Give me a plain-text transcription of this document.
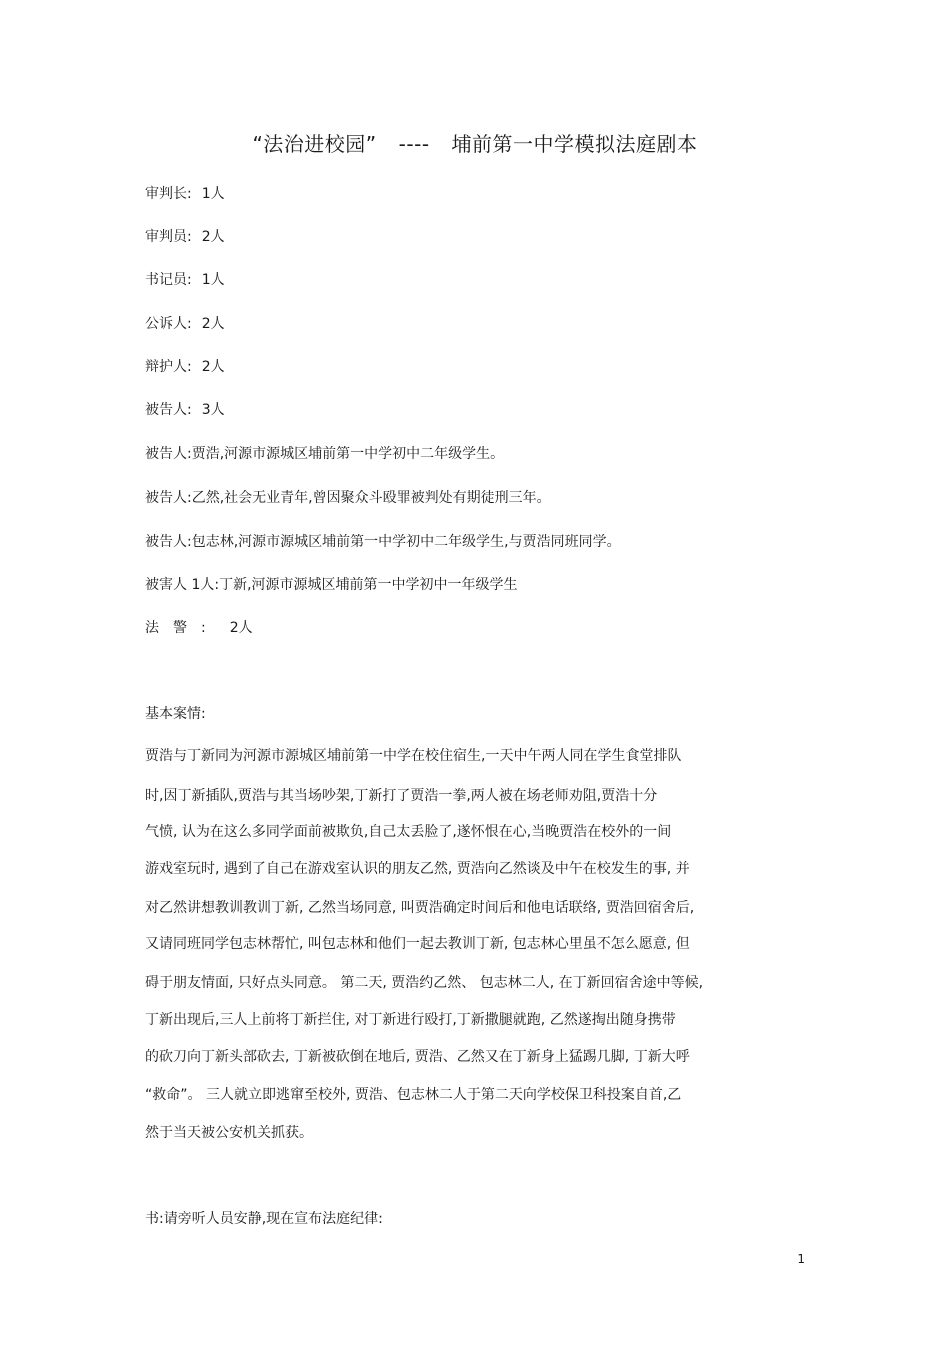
“法治进校园” ---- 埔前第一中学模拟法庭剧本
审判长: 1人
审判员: 2人
书记员: 1人
公诉人: 2人
辩护人: 2人
被告人: 3人
被告人:贾浩,河源市源城区埔前第一中学初中二年级学生。
被告人:乙然,社会无业青年,曾因聚众斗殴罪被判处有期徒刑三年。
被告人:包志林,河源市源城区埔前第一中学初中二年级学生,与贾浩同班同学。
被害人 1人:丁新,河源市源城区埔前第一中学初中一年级学生
法警: 2人
基本案情:
贾浩与丁新同为河源市源城区埔前第一中学在校住宿生,一天中午两人同在学生食堂排队
时,因丁新插队,贾浩与其当场吵架,丁新打了贾浩一拳,两人被在场老师劝阻,贾浩十分
气愤, 认为在这么多同学面前被欺负,自己太丢脸了,遂怀恨在心,当晚贾浩在校外的一间
游戏室玩时, 遇到了自己在游戏室认识的朋友乙然, 贾浩向乙然谈及中午在校发生的事, 并
对乙然讲想教训教训丁新, 乙然当场同意, 叫贾浩确定时间后和他电话联络, 贾浩回宿舍后,
又请同班同学包志林帮忙, 叫包志林和他们一起去教训丁新, 包志林心里虽不怎么愿意, 但
碍于朋友情面, 只好点头同意。 第二天, 贾浩约乙然、 包志林二人, 在丁新回宿舍途中等候,
丁新出现后,三人上前将丁新拦住, 对丁新进行殴打,丁新撒腿就跑, 乙然遂掏出随身携带
的砍刀向丁新头部砍去, 丁新被砍倒在地后, 贾浩、乙然又在丁新身上猛踢几脚, 丁新大呼
“救命”。 三人就立即逃窜至校外, 贾浩、包志林二人于第二天向学校保卫科投案自首,乙
然于当天被公安机关抓获。
书:请旁听人员安静,现在宣布法庭纪律:
1
